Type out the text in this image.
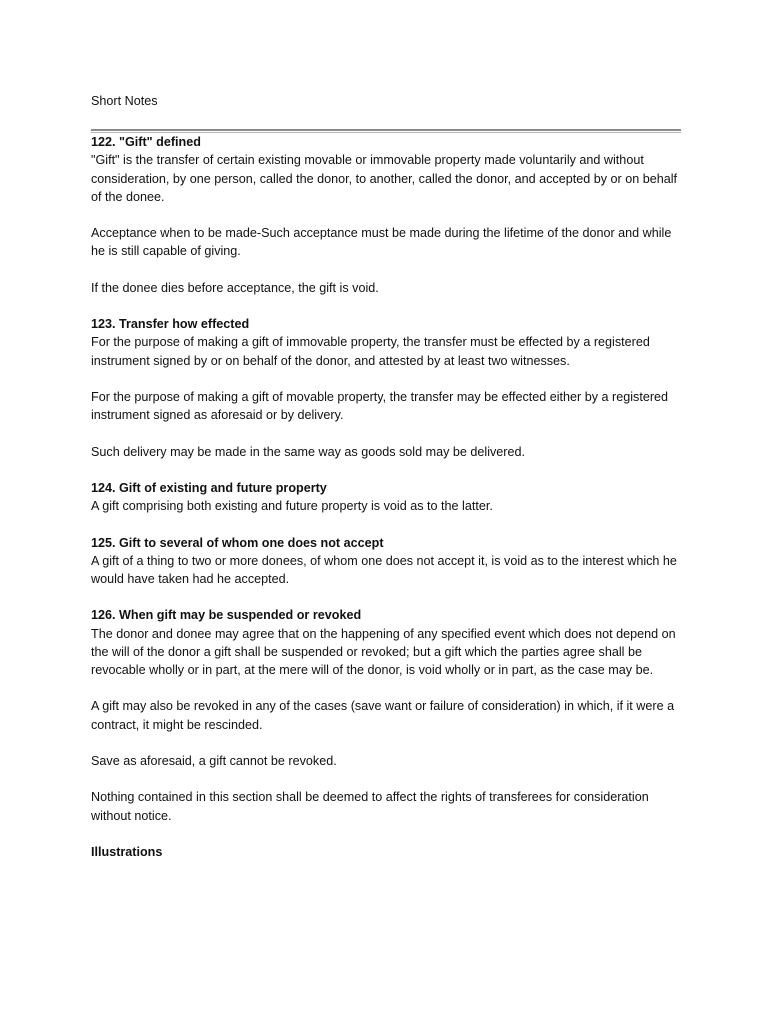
Short Notes
122. "Gift" defined

"Gift" is the transfer of certain existing movable or immovable property made voluntarily and without consideration, by one person, called the donor, to another, called the donor, and accepted by or on behalf of the donee.

Acceptance when to be made-Such acceptance must be made during the lifetime of the donor and while he is still capable of giving.

If the donee dies before acceptance, the gift is void.

123. Transfer how effected

For the purpose of making a gift of immovable property, the transfer must be effected by a registered instrument signed by or on behalf of the donor, and attested by at least two witnesses.

For the purpose of making a gift of movable property, the transfer may be effected either by a registered instrument signed as aforesaid or by delivery.

Such delivery may be made in the same way as goods sold may be delivered.

124. Gift of existing and future property

A gift comprising both existing and future property is void as to the latter.

125. Gift to several of whom one does not accept

A gift of a thing to two or more donees, of whom one does not accept it, is void as to the interest which he would have taken had he accepted.

126. When gift may be suspended or revoked

The donor and donee may agree that on the happening of any specified event which does not depend on the will of the donor a gift shall be suspended or revoked; but a gift which the parties agree shall be revocable wholly or in part, at the mere will of the donor, is void wholly or in part, as the case may be.

A gift may also be revoked in any of the cases (save want or failure of consideration) in which, if it were a contract, it might be rescinded.

Save as aforesaid, a gift cannot be revoked.

Nothing contained in this section shall be deemed to affect the rights of transferees for consideration without notice.

Illustrations
